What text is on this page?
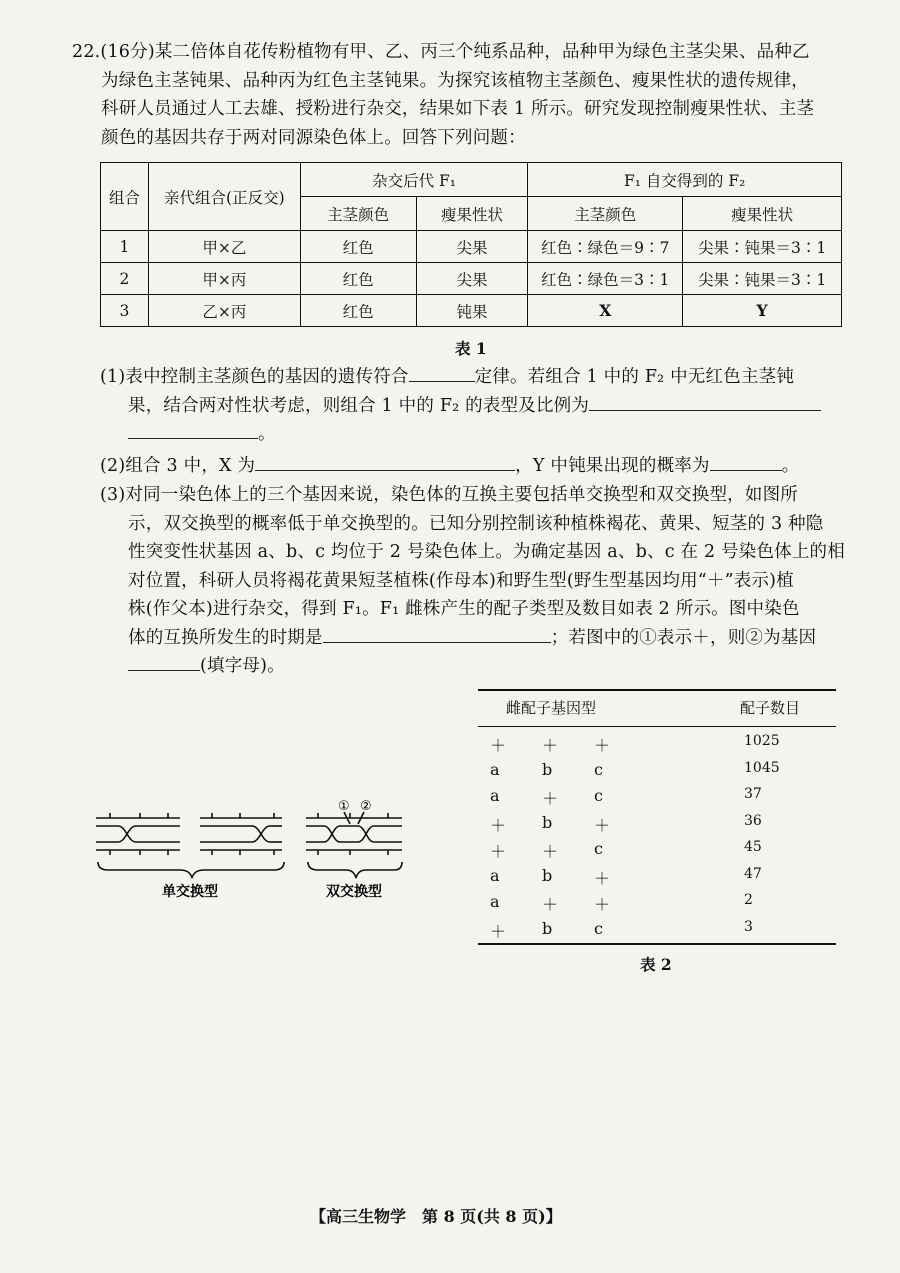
22.(16分)某二倍体自花传粉植物有甲、乙、丙三个纯系品种，品种甲为绿色主茎尖果、品种乙
为绿色主茎钝果、品种丙为红色主茎钝果。为探究该植物主茎颜色、瘦果性状的遗传规律，
科研人员通过人工去雄、授粉进行杂交，结果如下表 1 所示。研究发现控制瘦果性状、主茎
颜色的基因共存于两对同源染色体上。回答下列问题：
组合	亲代组合(正反交)	杂交后代 F₁		F₁ 自交得到的 F₂	
		主茎颜色	瘦果性状	主茎颜色	瘦果性状
1	甲×乙	红色	尖果	红色∶绿色＝9∶7	尖果∶钝果＝3∶1
2	甲×丙	红色	尖果	红色∶绿色＝3∶1	尖果∶钝果＝3∶1
3	乙×丙	红色	钝果	X	Y
表 1
(1)表中控制主茎颜色的基因的遗传符合	定律。若组合 1 中的 F₂ 中无红色主茎钝
果，结合两对性状考虑，则组合 1 中的 F₂ 的表型及比例为
。
(2)组合 3 中，X 为	，Y 中钝果出现的概率为	。
(3)对同一染色体上的三个基因来说，染色体的互换主要包括单交换型和双交换型，如图所
示，双交换型的概率低于单交换型的。已知分别控制该种植株褐花、黄果、短茎的 3 种隐
性突变性状基因 a、b、c 均位于 2 号染色体上。为确定基因 a、b、c 在 2 号染色体上的相
对位置，科研人员将褐花黄果短茎植株(作母本)和野生型(野生型基因均用“＋”表示)植
株(作父本)进行杂交，得到 F₁。F₁ 雌株产生的配子类型及数目如表 2 所示。图中染色
体的互换所发生的时期是	；若图中的①表示＋，则②为基因
(填字母)。
① ②
单交换型	双交换型
雌配子基因型	配子数目
＋ ＋ ＋	1025
a	b	c	1045
a	＋ c	37
＋ b	＋	36
＋ ＋ c	45
a	b	＋	47
a	＋ ＋	2
＋ b	c	3
表 2
【高三生物学　第 8 页(共 8 页)】
